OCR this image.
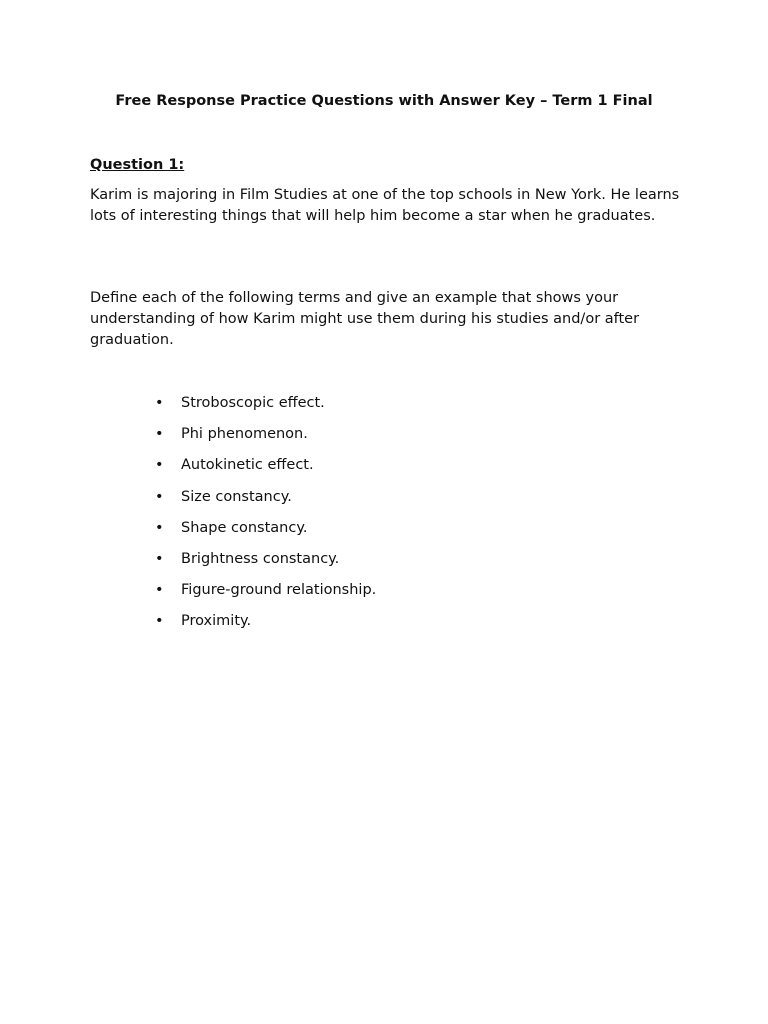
Free Response Practice Questions with Answer Key – Term 1 Final

Question 1:

Karim is majoring in Film Studies at one of the top schools in New York. He learns lots of interesting things that will help him become a star when he graduates.

Define each of the following terms and give an example that shows your understanding of how Karim might use them during his studies and/or after graduation.

• Stroboscopic effect.
• Phi phenomenon.
• Autokinetic effect.
• Size constancy.
• Shape constancy.
• Brightness constancy.
• Figure-ground relationship.
• Proximity.
